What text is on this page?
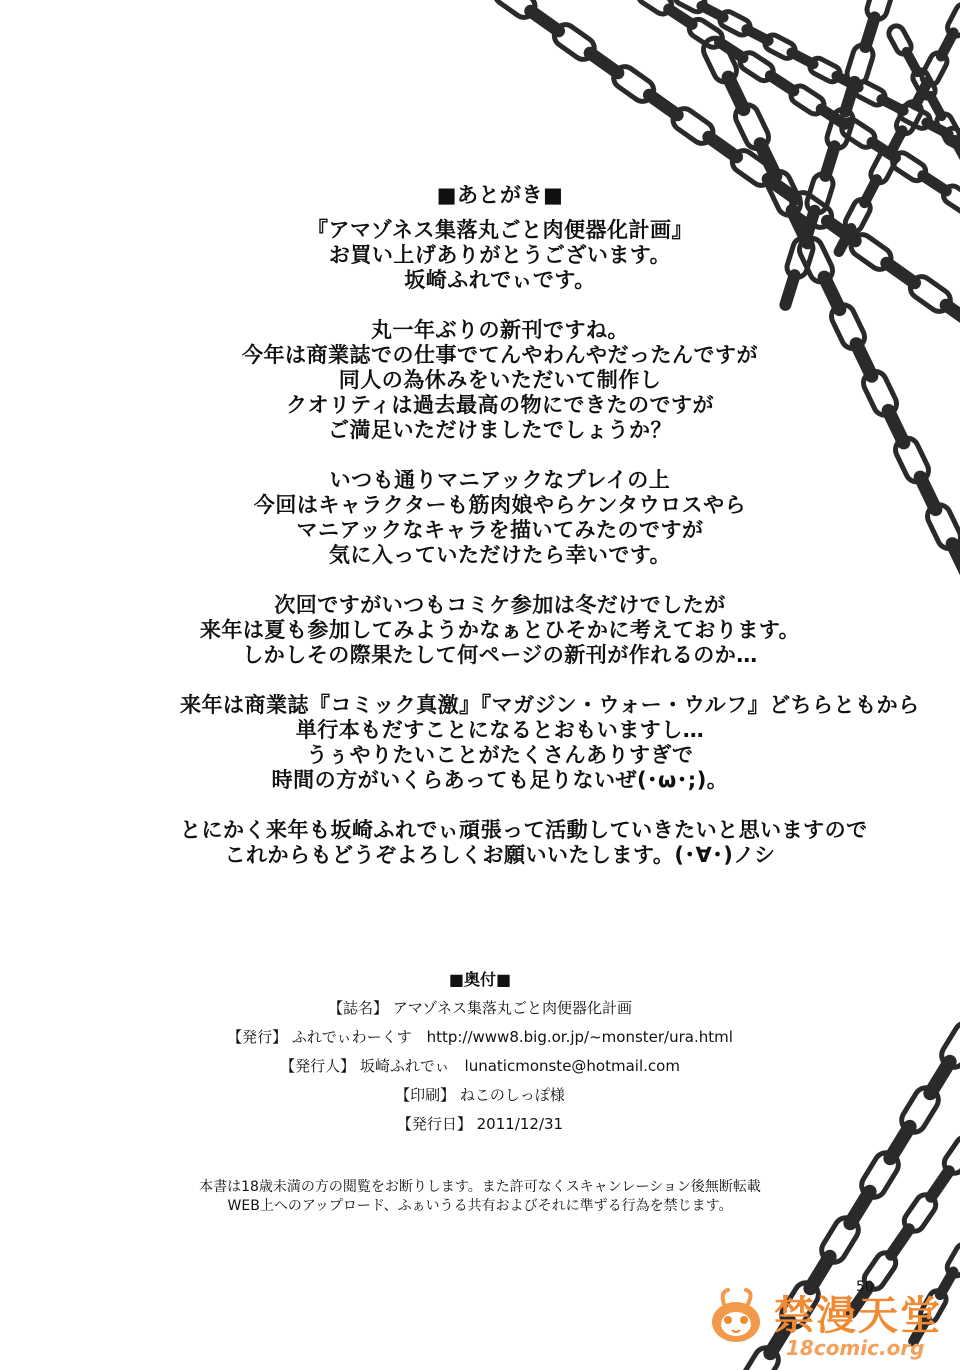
■あとがき■
『アマゾネス集落丸ごと肉便器化計画』
お買い上げありがとうございます。
坂崎ふれでぃです。
丸一年ぶりの新刊ですね。
今年は商業誌での仕事でてんやわんやだったんですが
同人の為休みをいただいて制作し
クオリティは過去最高の物にできたのですが
ご満足いただけましたでしょうか？
いつも通りマニアックなプレイの上
今回はキャラクターも筋肉娘やらケンタウロスやら
マニアックなキャラを描いてみたのですが
気に入っていただけたら幸いです。
次回ですがいつもコミケ参加は冬だけでしたが
来年は夏も参加してみようかなぁとひそかに考えております。
しかしその際果たして何ページの新刊が作れるのか…
来年は商業誌『コミック真激』『マガジン・ウォー・ウルフ』どちらともから
単行本もだすことになるとおもいますし…
うぅやりたいことがたくさんありすぎで
時間の方がいくらあっても足りないぜ(･ω･;)。
とにかく来年も坂崎ふれでぃ頑張って活動していきたいと思いますので
これからもどうぞよろしくお願いいたします。(･∀･)ノシ
■奥付■
【誌名】 アマゾネス集落丸ごと肉便器化計画
【発行】 ふれでぃわーくす　http://www8.big.or.jp/~monster/ura.html
【発行人】 坂崎ふれでぃ　lunaticmonste@hotmail.com
【印刷】 ねこのしっぽ様
【発行日】 2011/12/31
本書は18歳未満の方の閲覧をお断りします。また許可なくスキャンレーション後無断転載
WEB上へのアップロード、ふぁいうる共有およびそれに準ずる行為を禁じます。
50
禁漫天堂
18comic.org
